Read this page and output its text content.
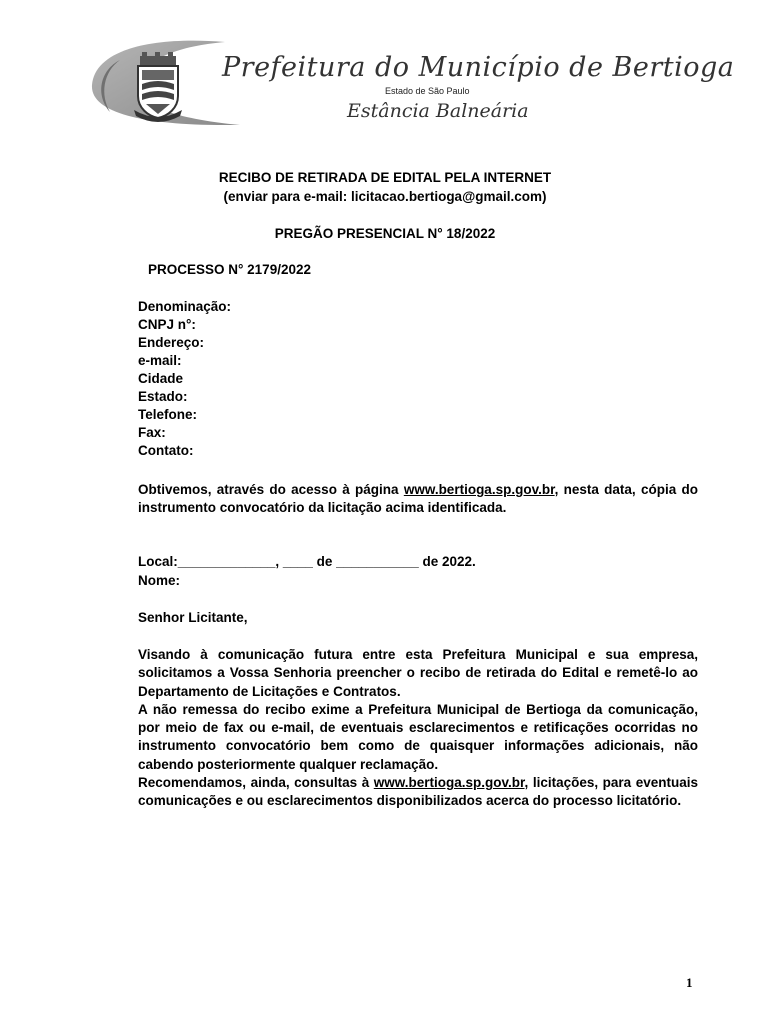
Prefeitura do Município de Bertioga
Estado de São Paulo
Estância Balneária
RECIBO DE RETIRADA DE EDITAL PELA INTERNET
(enviar para e-mail: licitacao.bertioga@gmail.com)
PREGÃO PRESENCIAL N° 18/2022
PROCESSO N° 2179/2022
Denominação:
CNPJ n°:
Endereço:
e-mail:
Cidade
Estado:
Telefone:
Fax:
Contato:

Obtivemos, através do acesso à página www.bertioga.sp.gov.br, nesta data, cópia do instrumento convocatório da licitação acima identificada.

Local:_____________, ____ de ___________ de 2022.
Nome:
Senhor Licitante,

Visando à comunicação futura entre esta Prefeitura Municipal e sua empresa, solicitamos a Vossa Senhoria preencher o recibo de retirada do Edital e remetê-lo ao Departamento de Licitações e Contratos.

A não remessa do recibo exime a Prefeitura Municipal de Bertioga da comunicação, por meio de fax ou e-mail, de eventuais esclarecimentos e retificações ocorridas no instrumento convocatório bem como de quaisquer informações adicionais, não cabendo posteriormente qualquer reclamação.

Recomendamos, ainda, consultas à www.bertioga.sp.gov.br, licitações, para eventuais comunicações e ou esclarecimentos disponibilizados acerca do processo licitatório.

1
